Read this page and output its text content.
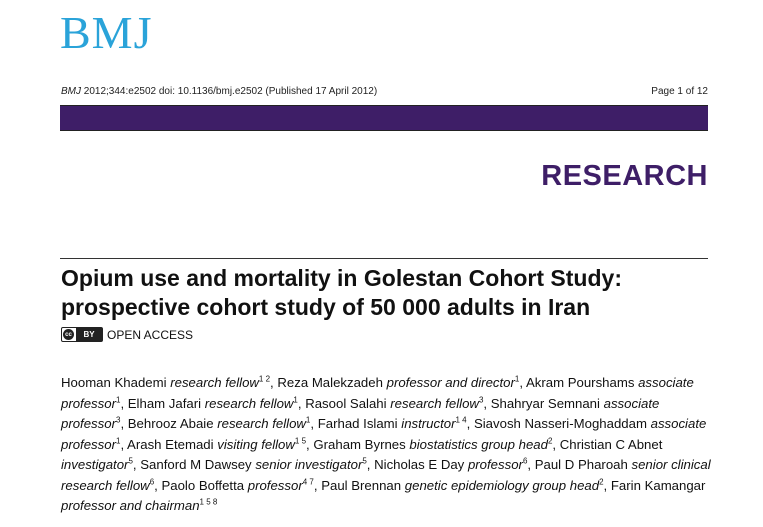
BMJ
BMJ 2012;344:e2502 doi: 10.1136/bmj.e2502 (Published 17 April 2012)	Page 1 of 12
RESEARCH
Opium use and mortality in Golestan Cohort Study: prospective cohort study of 50 000 adults in Iran
cc	BY	OPEN ACCESS
Hooman Khademi research fellow$^{1 2}$, Reza Malekzadeh professor and director$^1$, Akram Pourshams associate professor$^1$, Elham Jafari research fellow$^1$, Rasool Salahi research fellow$^3$, Shahryar Semnani associate professor$^3$, Behrooz Abaie research fellow$^1$, Farhad Islami instructor$^{1 4}$, Siavosh Nasseri-Moghaddam associate professor$^1$, Arash Etemadi visiting fellow$^{1 5}$, Graham Byrnes biostatistics group head$^2$, Christian C Abnet investigator$^5$, Sanford M Dawsey senior investigator$^5$, Nicholas E Day professor$^6$, Paul D Pharoah senior clinical research fellow$^6$, Paolo Boffetta professor$^{4 7}$, Paul Brennan genetic epidemiology group head$^2$, Farin Kamangar professor and chairman$^{1 5 8}$
